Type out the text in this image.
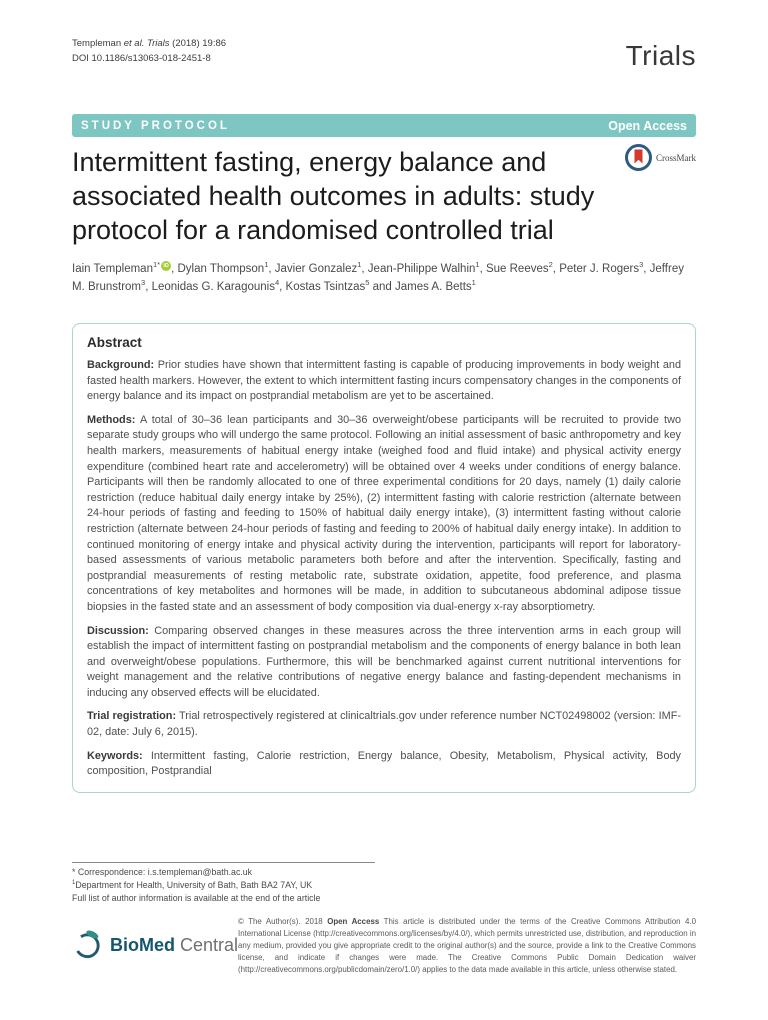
Templeman et al. Trials (2018) 19:86
DOI 10.1186/s13063-018-2451-8	Trials
STUDY PROTOCOL	Open Access
CrossMark
Intermittent fasting, energy balance and associated health outcomes in adults: study protocol for a randomised controlled trial
Iain Templeman$^{1*}$ iD , Dylan Thompson$^1$, Javier Gonzalez$^1$, Jean-Philippe Walhin$^1$, Sue Reeves$^2$, Peter J. Rogers$^3$, Jeffrey M. Brunstrom$^3$, Leonidas G. Karagounis$^4$, Kostas Tsintzas$^5$ and James A. Betts$^1$
Abstract

Background: Prior studies have shown that intermittent fasting is capable of producing improvements in body weight and fasted health markers. However, the extent to which intermittent fasting incurs compensatory changes in the components of energy balance and its impact on postprandial metabolism are yet to be ascertained.

Methods: A total of 30–36 lean participants and 30–36 overweight/obese participants will be recruited to provide two separate study groups who will undergo the same protocol. Following an initial assessment of basic anthropometry and key health markers, measurements of habitual energy intake (weighed food and fluid intake) and physical activity energy expenditure (combined heart rate and accelerometry) will be obtained over 4 weeks under conditions of energy balance. Participants will then be randomly allocated to one of three experimental conditions for 20 days, namely (1) daily calorie restriction (reduce habitual daily energy intake by 25%), (2) intermittent fasting with calorie restriction (alternate between 24-hour periods of fasting and feeding to 150% of habitual daily energy intake), (3) intermittent fasting without calorie restriction (alternate between 24-hour periods of fasting and feeding to 200% of habitual daily energy intake). In addition to continued monitoring of energy intake and physical activity during the intervention, participants will report for laboratory-based assessments of various metabolic parameters both before and after the intervention. Specifically, fasting and postprandial measurements of resting metabolic rate, substrate oxidation, appetite, food preference, and plasma concentrations of key metabolites and hormones will be made, in addition to subcutaneous abdominal adipose tissue biopsies in the fasted state and an assessment of body composition via dual-energy x-ray absorptiometry.

Discussion: Comparing observed changes in these measures across the three intervention arms in each group will establish the impact of intermittent fasting on postprandial metabolism and the components of energy balance in both lean and overweight/obese populations. Furthermore, this will be benchmarked against current nutritional interventions for weight management and the relative contributions of negative energy balance and fasting-dependent mechanisms in inducing any observed effects will be elucidated.

Trial registration: Trial retrospectively registered at clinicaltrials.gov under reference number NCT02498002 (version: IMF-02, date: July 6, 2015).

Keywords: Intermittent fasting, Calorie restriction, Energy balance, Obesity, Metabolism, Physical activity, Body composition, Postprandial

* Correspondence: i.s.templeman@bath.ac.uk
$^1$Department for Health, University of Bath, Bath BA2 7AY, UK
Full list of author information is available at the end of the article
BioMed Central
© The Author(s). 2018 Open Access This article is distributed under the terms of the Creative Commons Attribution 4.0 International License (http://creativecommons.org/licenses/by/4.0/), which permits unrestricted use, distribution, and reproduction in any medium, provided you give appropriate credit to the original author(s) and the source, provide a link to the Creative Commons license, and indicate if changes were made. The Creative Commons Public Domain Dedication waiver (http://creativecommons.org/publicdomain/zero/1.0/) applies to the data made available in this article, unless otherwise stated.
